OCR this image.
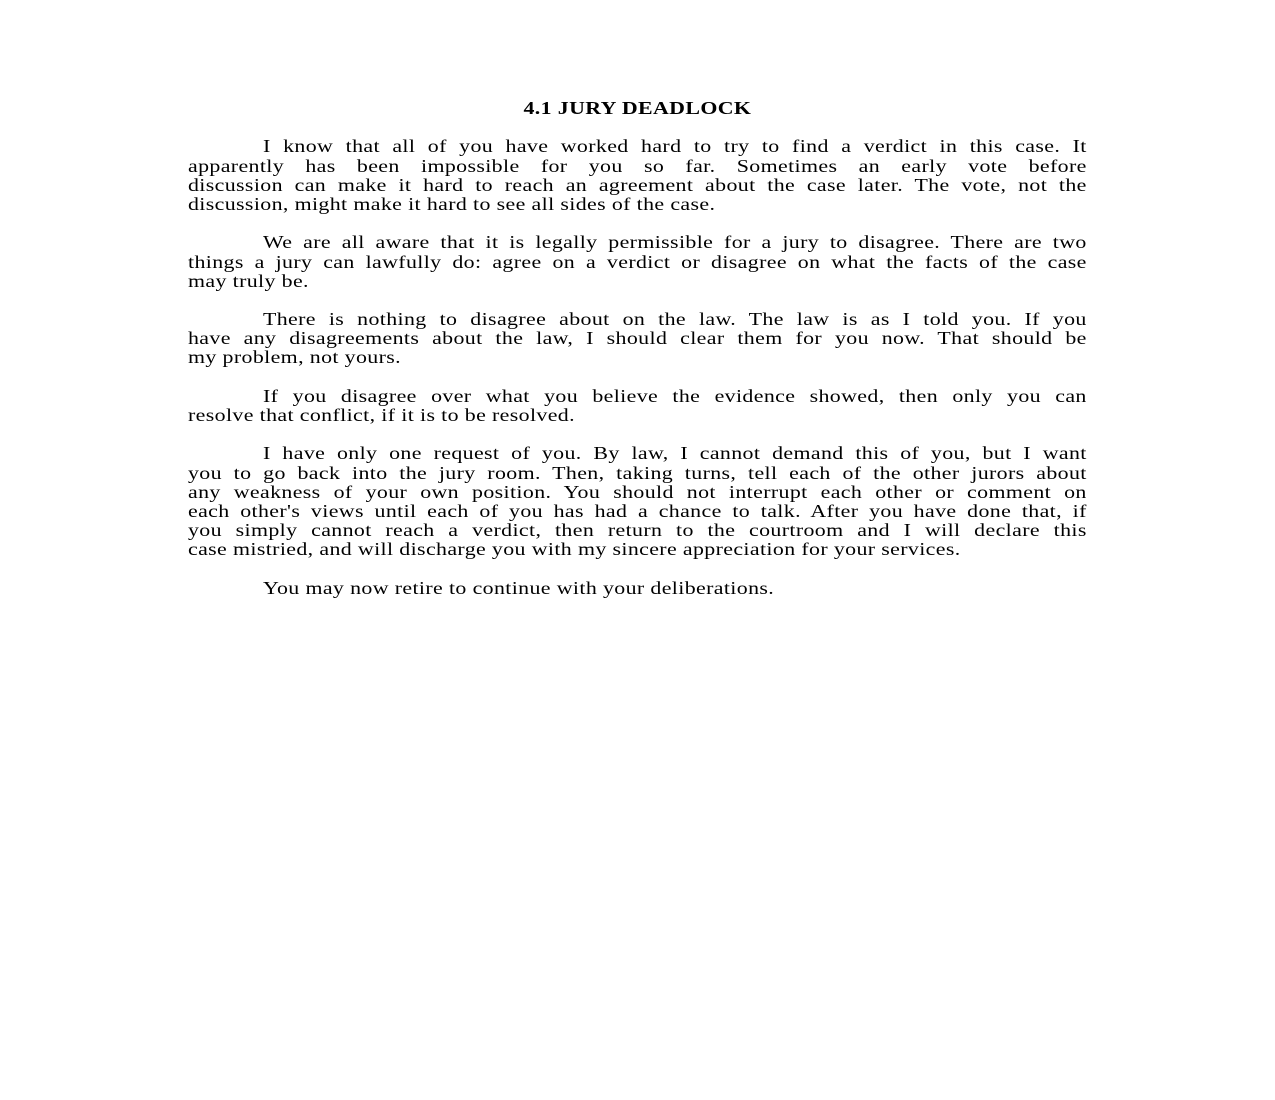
4.1 JURY DEADLOCK
I know that all of you have worked hard to try to find a verdict in this case. It
apparently has been impossible for you so far. Sometimes an early vote before
discussion can make it hard to reach an agreement about the case later. The vote, not the
discussion, might make it hard to see all sides of the case.
We are all aware that it is legally permissible for a jury to disagree. There are two
things a jury can lawfully do: agree on a verdict or disagree on what the facts of the case
may truly be.
There is nothing to disagree about on the law. The law is as I told you. If you
have any disagreements about the law, I should clear them for you now. That should be
my problem, not yours.
If you disagree over what you believe the evidence showed, then only you can
resolve that conflict, if it is to be resolved.
I have only one request of you. By law, I cannot demand this of you, but I want
you to go back into the jury room. Then, taking turns, tell each of the other jurors about
any weakness of your own position. You should not interrupt each other or comment on
each other's views until each of you has had a chance to talk. After you have done that, if
you simply cannot reach a verdict, then return to the courtroom and I will declare this
case mistried, and will discharge you with my sincere appreciation for your services.
You may now retire to continue with your deliberations.
